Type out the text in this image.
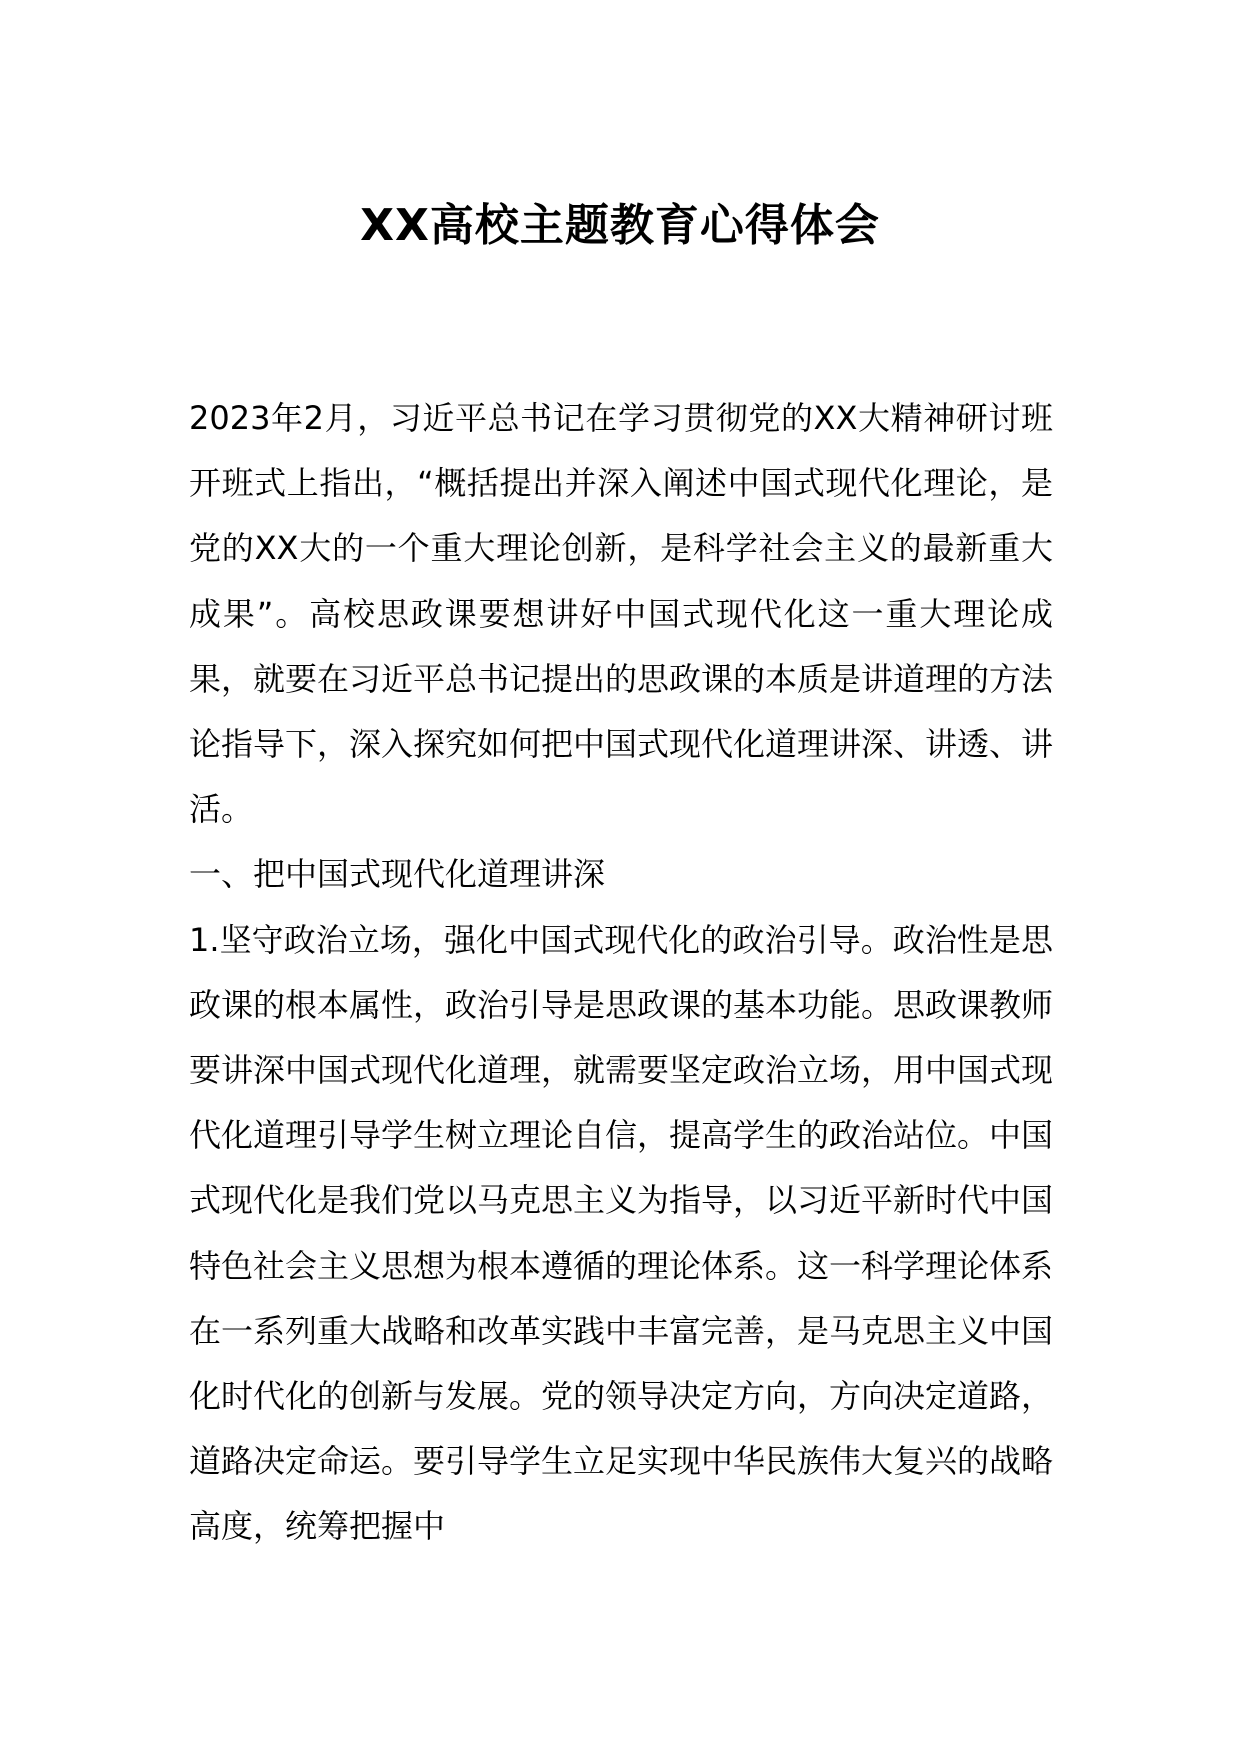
XX高校主题教育心得体会

2023年2月，习近平总书记在学习贯彻党的XX大精神研讨班开班式上指出，“概括提出并深入阐述中国式现代化理论，是党的XX大的一个重大理论创新，是科学社会主义的最新重大成果”。高校思政课要想讲好中国式现代化这一重大理论成果，就要在习近平总书记提出的思政课的本质是讲道理的方法论指导下，深入探究如何把中国式现代化道理讲深、讲透、讲活。

一、把中国式现代化道理讲深

1.坚守政治立场，强化中国式现代化的政治引导。政治性是思政课的根本属性，政治引导是思政课的基本功能。思政课教师要讲深中国式现代化道理，就需要坚定政治立场，用中国式现代化道理引导学生树立理论自信，提高学生的政治站位。中国式现代化是我们党以马克思主义为指导，以习近平新时代中国特色社会主义思想为根本遵循的理论体系。这一科学理论体系在一系列重大战略和改革实践中丰富完善，是马克思主义中国化时代化的创新与发展。党的领导决定方向，方向决定道路，道路决定命运。要引导学生立足实现中华民族伟大复兴的战略高度，统筹把握中
